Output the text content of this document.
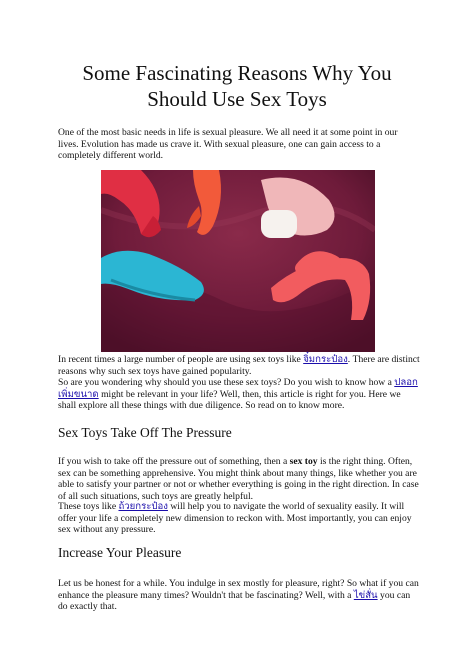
Some Fascinating Reasons Why You
Should Use Sex Toys

One of the most basic needs in life is sexual pleasure. We all need it at some point in our lives. Evolution has made us crave it. With sexual pleasure, one can gain access to a completely different world.

In recent times a large number of people are using sex toys like จิ๋มกระป๋อง. There are distinct reasons why such sex toys have gained popularity.

So are you wondering why should you use these sex toys? Do you wish to know how a ปลอกเพิ่มขนาด might be relevant in your life? Well, then, this article is right for you. Here we shall explore all these things with due diligence. So read on to know more.

Sex Toys Take Off The Pressure

If you wish to take off the pressure out of something, then a sex toy is the right thing. Often, sex can be something apprehensive. You might think about many things, like whether you are able to satisfy your partner or not or whether everything is going in the right direction. In case of all such situations, such toys are greatly helpful.

These toys like ถ้วยกระป๋อง will help you to navigate the world of sexuality easily. It will offer your life a completely new dimension to reckon with. Most importantly, you can enjoy sex without any pressure.

Increase Your Pleasure

Let us be honest for a while. You indulge in sex mostly for pleasure, right? So what if you can enhance the pleasure many times? Wouldn't that be fascinating? Well, with a ไข่สั่น you can do exactly that.
